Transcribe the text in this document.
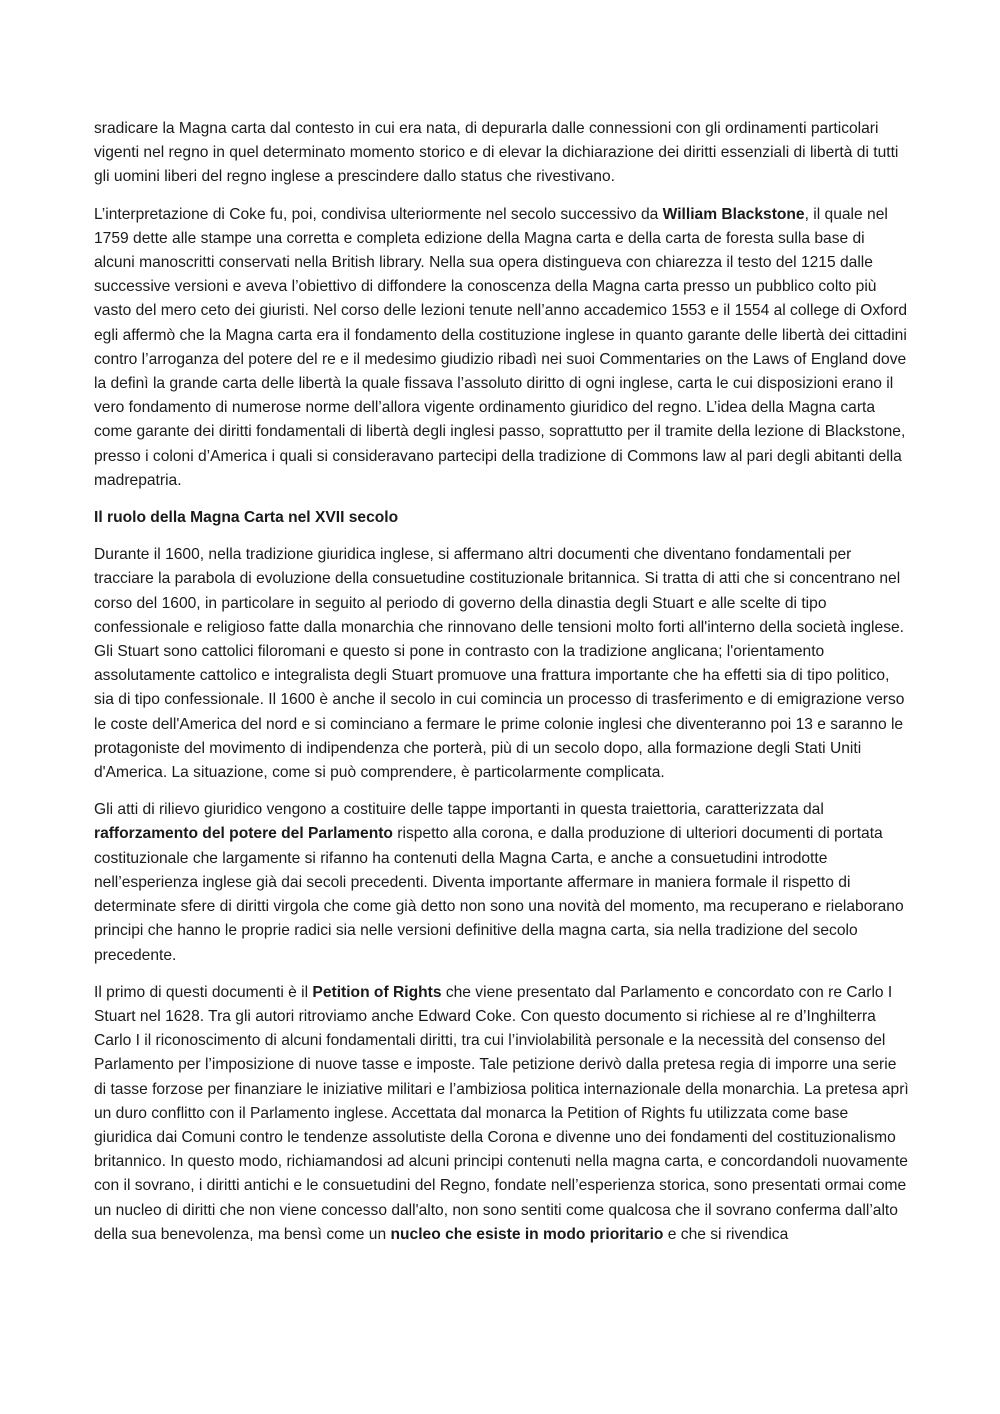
sradicare la Magna carta dal contesto in cui era nata, di depurarla dalle connessioni con gli ordinamenti particolari vigenti nel regno in quel determinato momento storico e di elevar la dichiarazione dei diritti essenziali di libertà di tutti gli uomini liberi del regno inglese a prescindere dallo status che rivestivano.

L’interpretazione di Coke fu, poi, condivisa ulteriormente nel secolo successivo da William Blackstone, il quale nel 1759 dette alle stampe una corretta e completa edizione della Magna carta e della carta de foresta sulla base di alcuni manoscritti conservati nella British library. Nella sua opera distingueva con chiarezza il testo del 1215 dalle successive versioni e aveva l’obiettivo di diffondere la conoscenza della Magna carta presso un pubblico colto più vasto del mero ceto dei giuristi. Nel corso delle lezioni tenute nell’anno accademico 1553 e il 1554 al college di Oxford egli affermò che la Magna carta era il fondamento della costituzione inglese in quanto garante delle libertà dei cittadini contro l’arroganza del potere del re e il medesimo giudizio ribadì nei suoi Commentaries on the Laws of England dove la definì la grande carta delle libertà la quale fissava l’assoluto diritto di ogni inglese, carta le cui disposizioni erano il vero fondamento di numerose norme dell’allora vigente ordinamento giuridico del regno. L’idea della Magna carta come garante dei diritti fondamentali di libertà degli inglesi passo, soprattutto per il tramite della lezione di Blackstone, presso i coloni d’America i quali si consideravano partecipi della tradizione di Commons law al pari degli abitanti della madrepatria.

Il ruolo della Magna Carta nel XVII secolo

Durante il 1600, nella tradizione giuridica inglese, si affermano altri documenti che diventano fondamentali per tracciare la parabola di evoluzione della consuetudine costituzionale britannica. Si tratta di atti che si concentrano nel corso del 1600, in particolare in seguito al periodo di governo della dinastia degli Stuart e alle scelte di tipo confessionale e religioso fatte dalla monarchia che rinnovano delle tensioni molto forti all'interno della società inglese. Gli Stuart sono cattolici filoromani e questo si pone in contrasto con la tradizione anglicana; l'orientamento assolutamente cattolico e integralista degli Stuart promuove una frattura importante che ha effetti sia di tipo politico, sia di tipo confessionale. Il 1600 è anche il secolo in cui comincia un processo di trasferimento e di emigrazione verso le coste dell'America del nord e si cominciano a fermare le prime colonie inglesi che diventeranno poi 13 e saranno le protagoniste del movimento di indipendenza che porterà, più di un secolo dopo, alla formazione degli Stati Uniti d'America. La situazione, come si può comprendere, è particolarmente complicata.

Gli atti di rilievo giuridico vengono a costituire delle tappe importanti in questa traiettoria, caratterizzata dal rafforzamento del potere del Parlamento rispetto alla corona, e dalla produzione di ulteriori documenti di portata costituzionale che largamente si rifanno ha contenuti della Magna Carta, e anche a consuetudini introdotte nell’esperienza inglese già dai secoli precedenti. Diventa importante affermare in maniera formale il rispetto di determinate sfere di diritti virgola che come già detto non sono una novità del momento, ma recuperano e rielaborano principi che hanno le proprie radici sia nelle versioni definitive della magna carta, sia nella tradizione del secolo precedente.

Il primo di questi documenti è il Petition of Rights che viene presentato dal Parlamento e concordato con re Carlo I Stuart nel 1628. Tra gli autori ritroviamo anche Edward Coke. Con questo documento si richiese al re d’Inghilterra Carlo I il riconoscimento di alcuni fondamentali diritti, tra cui l’inviolabilità personale e la necessità del consenso del Parlamento per l’imposizione di nuove tasse e imposte. Tale petizione derivò dalla pretesa regia di imporre una serie di tasse forzose per finanziare le iniziative militari e l’ambiziosa politica internazionale della monarchia. La pretesa aprì un duro conflitto con il Parlamento inglese. Accettata dal monarca la Petition of Rights fu utilizzata come base giuridica dai Comuni contro le tendenze assolutiste della Corona e divenne uno dei fondamenti del costituzionalismo britannico. In questo modo, richiamandosi ad alcuni principi contenuti nella magna carta, e concordandoli nuovamente con il sovrano, i diritti antichi e le consuetudini del Regno, fondate nell’esperienza storica, sono presentati ormai come un nucleo di diritti che non viene concesso dall'alto, non sono sentiti come qualcosa che il sovrano conferma dall’alto della sua benevolenza, ma bensì come un nucleo che esiste in modo prioritario e che si rivendica
